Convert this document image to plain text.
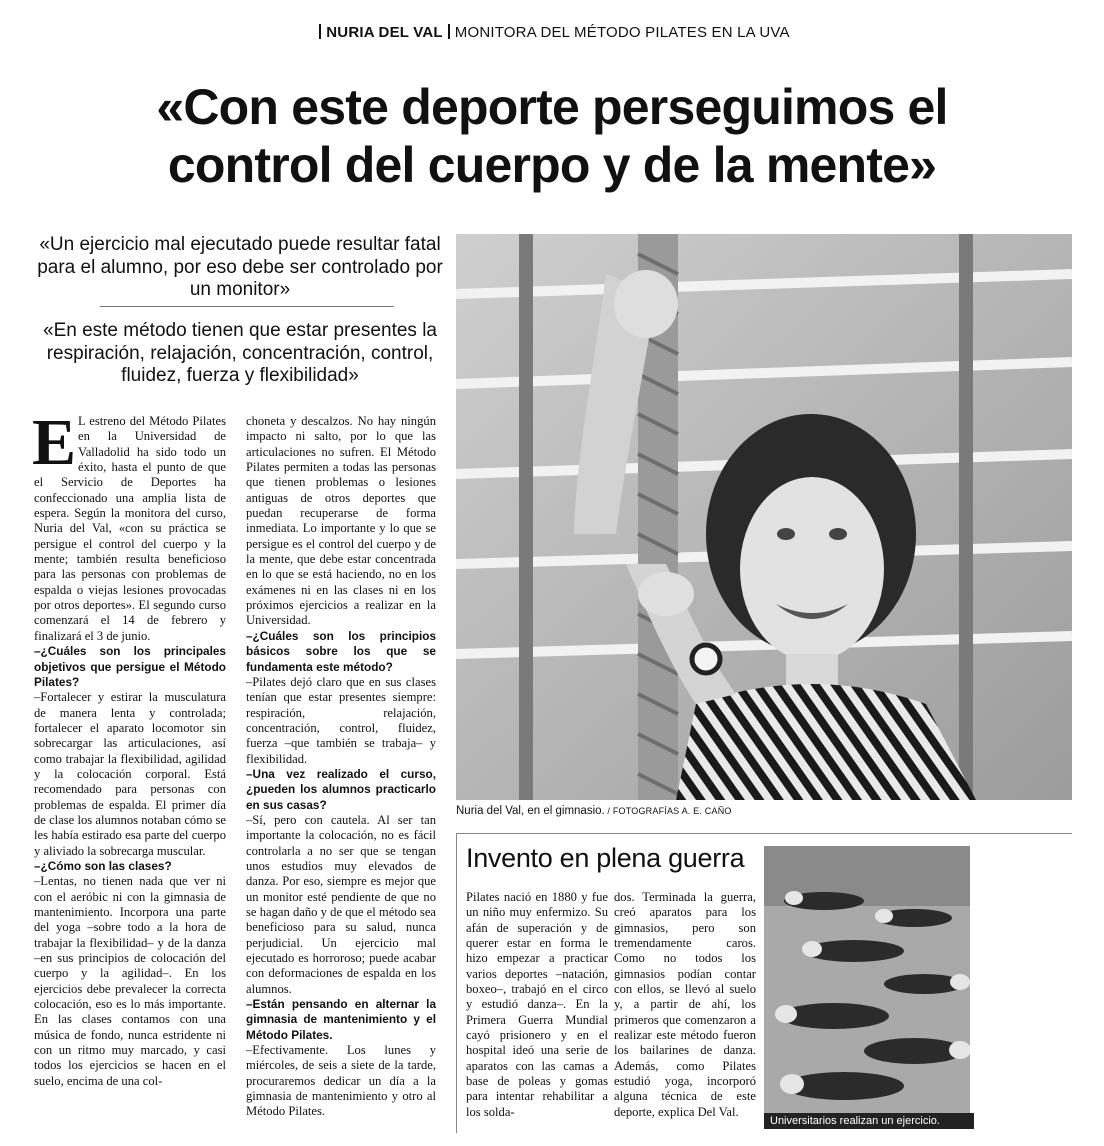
NURIA DEL VAL MONITORA DEL MÉTODO PILATES EN LA UVA
«Con este deporte perseguimos el
control del cuerpo y de la mente»

«Un ejercicio mal ejecutado puede resultar fatal para el alumno, por eso debe ser controlado por un monitor»

«En este método tienen que estar presentes la respiración, relajación, concentración, control, fluidez, fuerza y flexibilidad»

E L estreno del Método Pilates en la Universidad de Valladolid ha sido todo un éxito, hasta el punto de que el Servicio de Deportes ha confeccionado una amplia lista de espera. Según la monitora del curso, Nuria del Val, «con su práctica se persigue el control del cuerpo y la mente; también resulta beneficioso para las personas con problemas de espalda o viejas lesiones provocadas por otros deportes». El segundo curso comenzará el 14 de febrero y finalizará el 3 de junio.

–¿Cuáles son los principales objetivos que persigue el Método Pilates?

–Fortalecer y estirar la musculatura de manera lenta y controlada; fortalecer el aparato locomotor sin sobrecargar las articulaciones, así como trabajar la flexibilidad, agilidad y la colocación corporal. Está recomendado para personas con problemas de espalda. El primer día de clase los alumnos notaban cómo se les había estirado esa parte del cuerpo y aliviado la sobrecarga muscular.

–¿Cómo son las clases?

–Lentas, no tienen nada que ver ni con el aeróbic ni con la gimnasia de mantenimiento. Incorpora una parte del yoga –sobre todo a la hora de trabajar la flexibilidad– y de la danza –en sus principios de colocación del cuerpo y la agilidad–. En los ejercicios debe prevalecer la correcta colocación, eso es lo más importante. En las clases contamos con una música de fondo, nunca estridente ni con un ritmo muy marcado, y casi todos los ejercicios se hacen en el suelo, encima de una col-

choneta y descalzos. No hay ningún impacto ni salto, por lo que las articulaciones no sufren. El Método Pilates permiten a todas las personas que tienen problemas o lesiones antiguas de otros deportes que puedan recuperarse de forma inmediata. Lo importante y lo que se persigue es el control del cuerpo y de la mente, que debe estar concentrada en lo que se está haciendo, no en los exámenes ni en las clases ni en los próximos ejercicios a realizar en la Universidad.

–¿Cuáles son los principios básicos sobre los que se fundamenta este método?

–Pilates dejó claro que en sus clases tenían que estar presentes siempre: respiración, relajación, concentración, control, fluidez, fuerza –que también se trabaja– y flexibilidad.

–Una vez realizado el curso, ¿pueden los alumnos practicarlo en sus casas?

–Sí, pero con cautela. Al ser tan importante la colocación, no es fácil controlarla a no ser que se tengan unos estudios muy elevados de danza. Por eso, siempre es mejor que un monitor esté pendiente de que no se hagan daño y de que el método sea beneficioso para su salud, nunca perjudicial. Un ejercicio mal ejecutado es horroroso; puede acabar con deformaciones de espalda en los alumnos.

–Están pensando en alternar la gimnasia de mantenimiento y el Método Pilates.

–Efectivamente. Los lunes y miércoles, de seis a siete de la tarde, procuraremos dedicar un día a la gimnasia de mantenimiento y otro al Método Pilates.

Nuria del Val, en el gimnasio. / FOTOGRAFÍAS A. E. CAÑO
Invento en plena guerra

Pilates nació en 1880 y fue un niño muy enfermizo. Su afán de superación y de querer estar en forma le hizo empezar a practicar varios deportes –natación, boxeo–, trabajó en el circo y estudió danza–. En la Primera Guerra Mundial cayó prisionero y en el hospital ideó una serie de aparatos con las camas a base de poleas y gomas para intentar rehabilitar a los solda-

dos. Terminada la guerra, creó aparatos para los gimnasios, pero son tremendamente caros. Como no todos los gimnasios podían contar con ellos, se llevó al suelo y, a partir de ahí, los primeros que comenzaron a realizar este método fueron los bailarines de danza. Además, como Pilates estudió yoga, incorporó alguna técnica de este deporte, explica Del Val.

Universitarios realizan un ejercicio.
